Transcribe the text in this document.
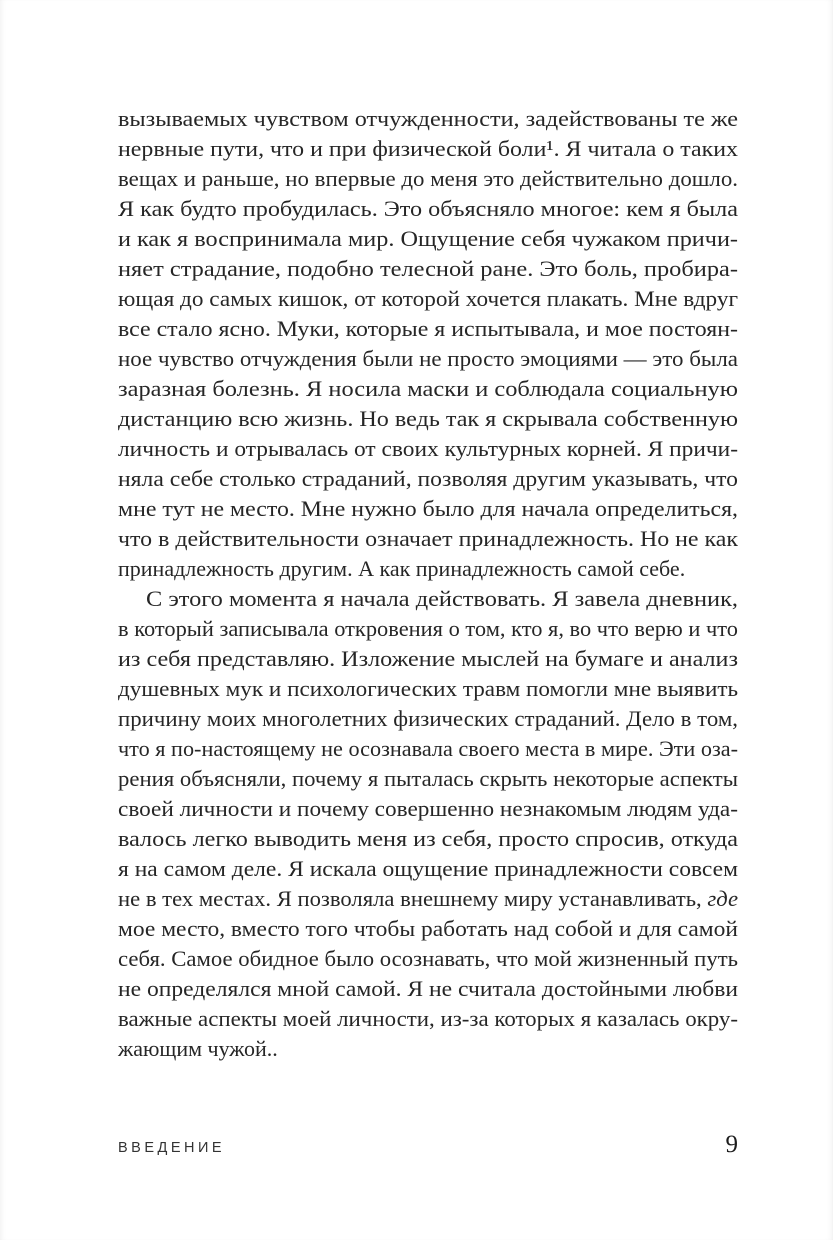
вызываемых чувством отчужденности, задействованы те же
нервные пути, что и при физической боли¹. Я читала о таких
вещах и раньше, но впервые до меня это действительно дошло.
Я как будто пробудилась. Это объясняло многое: кем я была
и как я воспринимала мир. Ощущение себя чужаком причи-
няет страдание, подобно телесной ране. Это боль, пробира-
ющая до самых кишок, от которой хочется плакать. Мне вдруг
все стало ясно. Муки, которые я испытывала, и мое постоян-
ное чувство отчуждения были не просто эмоциями — это была
заразная болезнь. Я носила маски и соблюдала социальную
дистанцию всю жизнь. Но ведь так я скрывала собственную
личность и отрывалась от своих культурных корней. Я причи-
няла себе столько страданий, позволяя другим указывать, что
мне тут не место. Мне нужно было для начала определиться,
что в действительности означает принадлежность. Но не как
принадлежность другим. А как принадлежность самой себе.
С этого момента я начала действовать. Я завела дневник,
в который записывала откровения о том, кто я, во что верю и что
из себя представляю. Изложение мыслей на бумаге и анализ
душевных мук и психологических травм помогли мне выявить
причину моих многолетних физических страданий. Дело в том,
что я по-настоящему не осознавала своего места в мире. Эти оза-
рения объясняли, почему я пыталась скрыть некоторые аспекты
своей личности и почему совершенно незнакомым людям уда-
валось легко выводить меня из себя, просто спросив, откуда
я на самом деле. Я искала ощущение принадлежности совсем
не в тех местах. Я позволяла внешнему миру устанавливать, где
мое место, вместо того чтобы работать над собой и для самой
себя. Самое обидное было осознавать, что мой жизненный путь
не определялся мной самой. Я не считала достойными любви
важные аспекты моей личности, из-за которых я казалась окру-
жающим чужой..
ВВЕДЕНИЕ	9
